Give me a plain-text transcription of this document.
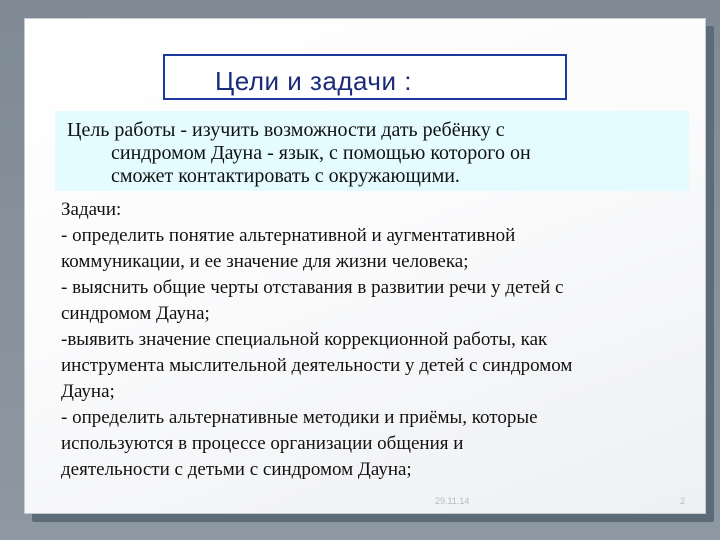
Цели и задачи :
Цель работы - изучить возможности дать ребёнку с
синдромом Дауна - язык, с помощью которого он
сможет контактировать с окружающими.
Задачи:
- определить понятие альтернативной и аугментативной
коммуникации, и ее значение для жизни человека;
- выяснить общие черты отставания в развитии речи у детей с
синдромом Дауна;
-выявить значение специальной коррекционной работы, как
инструмента мыслительной деятельности у детей с синдромом
Дауна;
- определить альтернативные методики и приёмы, которые
используются в процессе организации общения и
деятельности с детьми с синдромом Дауна;
29.11.14	2
